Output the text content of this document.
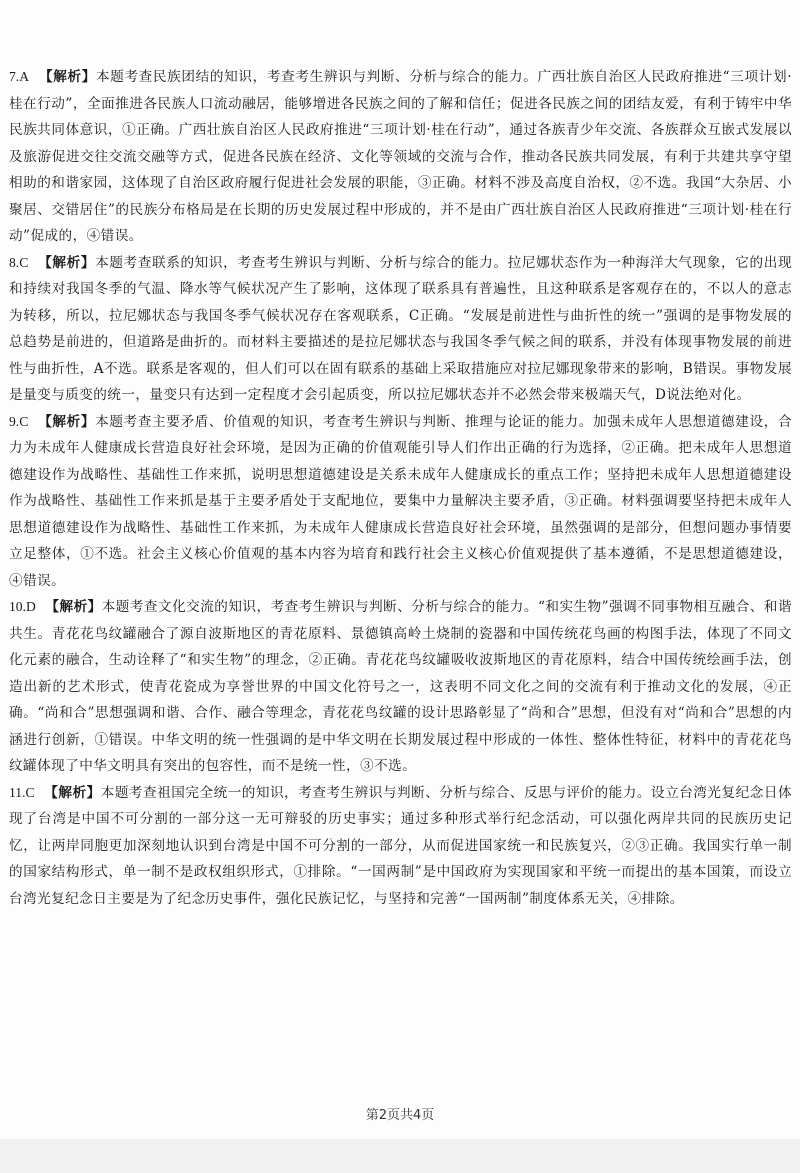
7.A 【解析】本题考查民族团结的知识，考查考生辨识与判断、分析与综合的能力。广西壮族自治区人民政府推进“三项计划·桂在行动”，全面推进各民族人口流动融居，能够增进各民族之间的了解和信任；促进各民族之间的团结友爱，有利于铸牢中华民族共同体意识，①正确。广西壮族自治区人民政府推进“三项计划·桂在行动”，通过各族青少年交流、各族群众互嵌式发展以及旅游促进交往交流交融等方式，促进各民族在经济、文化等领域的交流与合作，推动各民族共同发展，有利于共建共享守望相助的和谐家园，这体现了自治区政府履行促进社会发展的职能，③正确。材料不涉及高度自治权，②不选。我国“大杂居、小聚居、交错居住”的民族分布格局是在长期的历史发展过程中形成的，并不是由广西壮族自治区人民政府推进“三项计划·桂在行动”促成的，④错误。

8.C 【解析】本题考查联系的知识，考查考生辨识与判断、分析与综合的能力。拉尼娜状态作为一种海洋大气现象，它的出现和持续对我国冬季的气温、降水等气候状况产生了影响，这体现了联系具有普遍性，且这种联系是客观存在的，不以人的意志为转移，所以，拉尼娜状态与我国冬季气候状况存在客观联系，C正确。“发展是前进性与曲折性的统一”强调的是事物发展的总趋势是前进的，但道路是曲折的。而材料主要描述的是拉尼娜状态与我国冬季气候之间的联系，并没有体现事物发展的前进性与曲折性，A不选。联系是客观的，但人们可以在固有联系的基础上采取措施应对拉尼娜现象带来的影响，B错误。事物发展是量变与质变的统一，量变只有达到一定程度才会引起质变，所以拉尼娜状态并不必然会带来极端天气，D说法绝对化。

9.C 【解析】本题考查主要矛盾、价值观的知识，考查考生辨识与判断、推理与论证的能力。加强未成年人思想道德建设，合力为未成年人健康成长营造良好社会环境，是因为正确的价值观能引导人们作出正确的行为选择，②正确。把未成年人思想道德建设作为战略性、基础性工作来抓，说明思想道德建设是关系未成年人健康成长的重点工作；坚持把未成年人思想道德建设作为战略性、基础性工作来抓是基于主要矛盾处于支配地位，要集中力量解决主要矛盾，③正确。材料强调要坚持把未成年人思想道德建设作为战略性、基础性工作来抓，为未成年人健康成长营造良好社会环境，虽然强调的是部分，但想问题办事情要立足整体，①不选。社会主义核心价值观的基本内容为培育和践行社会主义核心价值观提供了基本遵循，不是思想道德建设，④错误。

10.D 【解析】本题考查文化交流的知识，考查考生辨识与判断、分析与综合的能力。“和实生物”强调不同事物相互融合、和谐共生。青花花鸟纹罐融合了源自波斯地区的青花原料、景德镇高岭土烧制的瓷器和中国传统花鸟画的构图手法，体现了不同文化元素的融合，生动诠释了“和实生物”的理念，②正确。青花花鸟纹罐吸收波斯地区的青花原料，结合中国传统绘画手法，创造出新的艺术形式，使青花瓷成为享誉世界的中国文化符号之一，这表明不同文化之间的交流有利于推动文化的发展，④正确。“尚和合”思想强调和谐、合作、融合等理念，青花花鸟纹罐的设计思路彰显了“尚和合”思想，但没有对“尚和合”思想的内涵进行创新，①错误。中华文明的统一性强调的是中华文明在长期发展过程中形成的一体性、整体性特征，材料中的青花花鸟纹罐体现了中华文明具有突出的包容性，而不是统一性，③不选。

11.C 【解析】本题考查祖国完全统一的知识，考查考生辨识与判断、分析与综合、反思与评价的能力。设立台湾光复纪念日体现了台湾是中国不可分割的一部分这一无可辩驳的历史事实；通过多种形式举行纪念活动，可以强化两岸共同的民族历史记忆，让两岸同胞更加深刻地认识到台湾是中国不可分割的一部分，从而促进国家统一和民族复兴，②③正确。我国实行单一制的国家结构形式，单一制不是政权组织形式，①排除。“一国两制”是中国政府为实现国家和平统一而提出的基本国策，而设立台湾光复纪念日主要是为了纪念历史事件，强化民族记忆，与坚持和完善“一国两制”制度体系无关，④排除。

第2页共4页
